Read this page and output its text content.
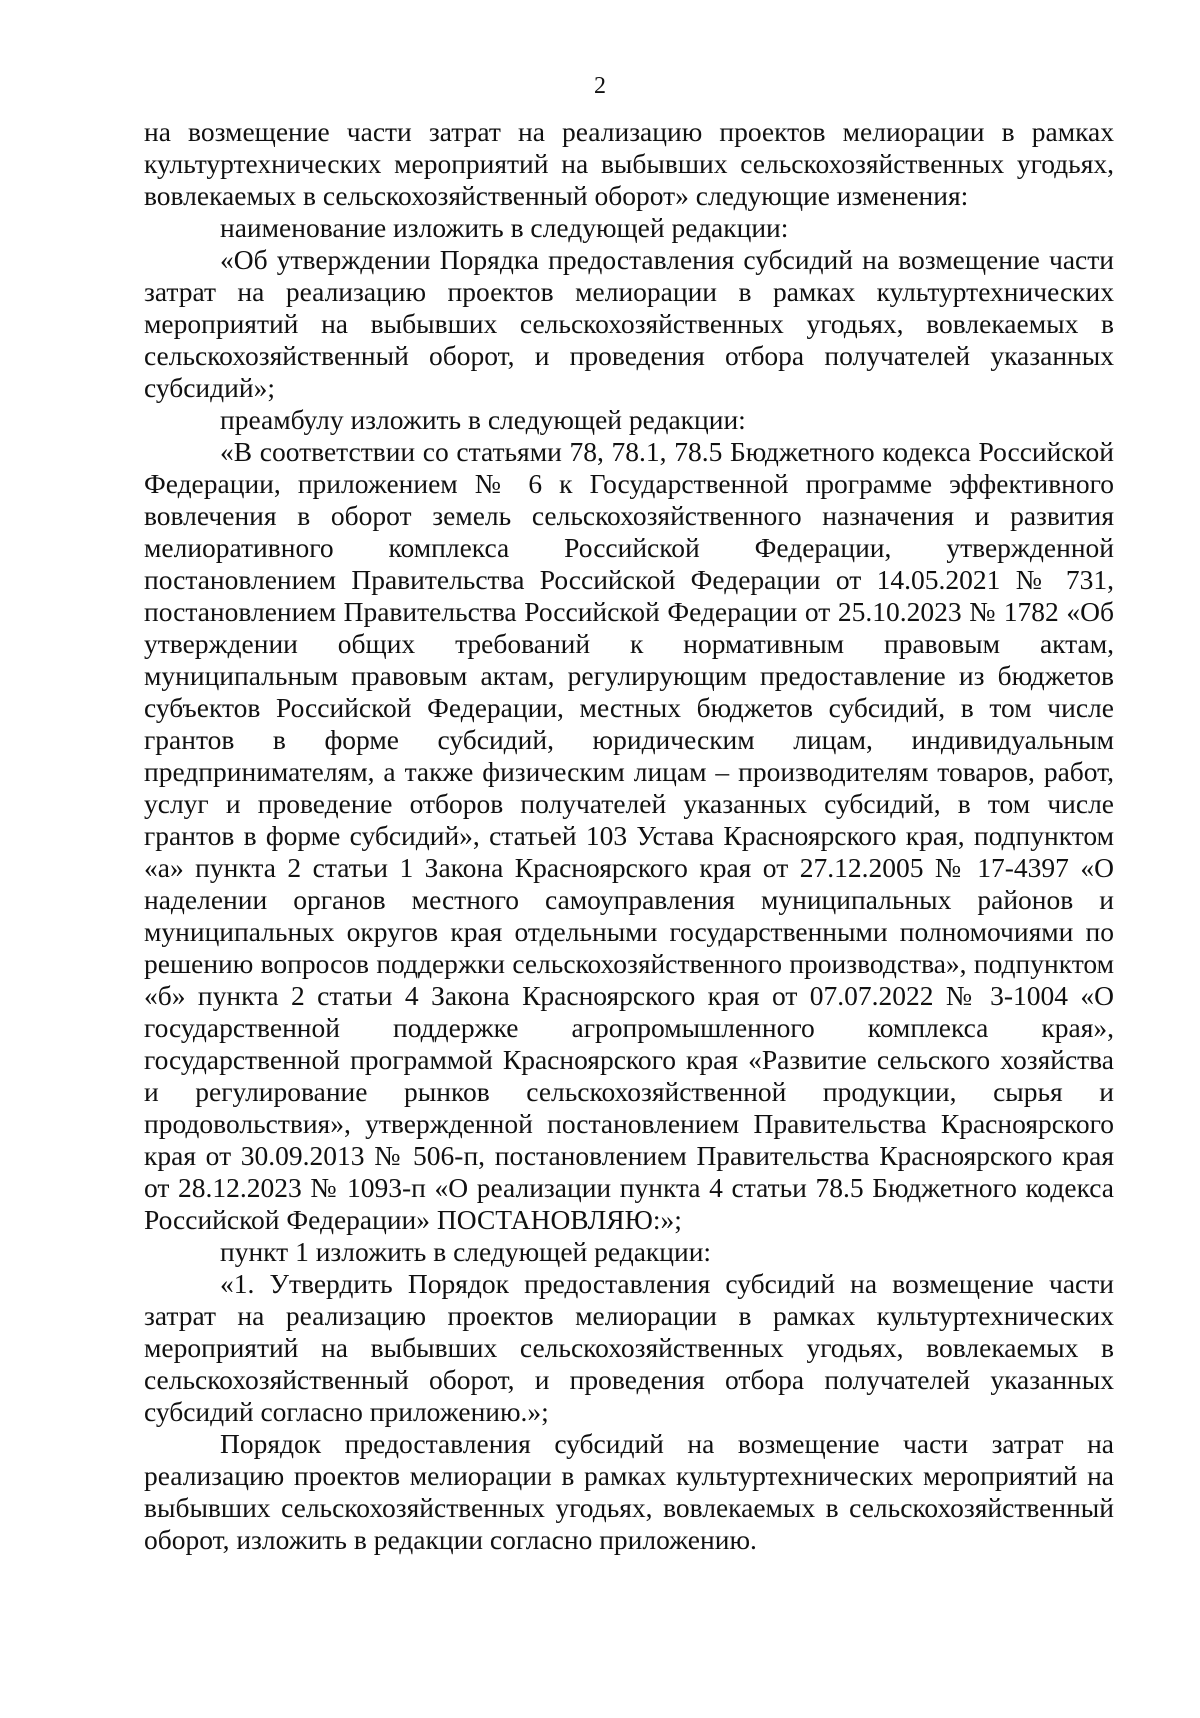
2

на возмещение части затрат на реализацию проектов мелиорации в рамках культуртехнических мероприятий на выбывших сельскохозяйственных угодьях, вовлекаемых в сельскохозяйственный оборот» следующие изменения:

наименование изложить в следующей редакции:

«Об утверждении Порядка предоставления субсидий на возмещение части затрат на реализацию проектов мелиорации в рамках культуртехнических мероприятий на выбывших сельскохозяйственных угодьях, вовлекаемых в сельскохозяйственный оборот, и проведения отбора получателей указанных субсидий»;

преамбулу изложить в следующей редакции:

«В соответствии со статьями 78, 78.1, 78.5 Бюджетного кодекса Российской Федерации, приложением № 6 к Государственной программе эффективного вовлечения в оборот земель сельскохозяйственного назначения и развития мелиоративного комплекса Российской Федерации, утвержденной постановлением Правительства Российской Федерации от 14.05.2021 № 731, постановлением Правительства Российской Федерации от 25.10.2023 № 1782 «Об утверждении общих требований к нормативным правовым актам, муниципальным правовым актам, регулирующим предоставление из бюджетов субъектов Российской Федерации, местных бюджетов субсидий, в том числе грантов в форме субсидий, юридическим лицам, индивидуальным предпринимателям, а также физическим лицам – производителям товаров, работ, услуг и проведение отборов получателей указанных субсидий, в том числе грантов в форме субсидий», статьей 103 Устава Красноярского края, подпунктом «а» пункта 2 статьи 1 Закона Красноярского края от 27.12.2005 № 17-4397 «О наделении органов местного самоуправления муниципальных районов и муниципальных округов края отдельными государственными полномочиями по решению вопросов поддержки сельскохозяйственного производства», подпунктом «б» пункта 2 статьи 4 Закона Красноярского края от 07.07.2022 № 3-1004 «О государственной поддержке агропромышленного комплекса края», государственной программой Красноярского края «Развитие сельского хозяйства и регулирование рынков сельскохозяйственной продукции, сырья и продовольствия», утвержденной постановлением Правительства Красноярского края от 30.09.2013 № 506-п, постановлением Правительства Красноярского края от 28.12.2023 № 1093-п «О реализации пункта 4 статьи 78.5 Бюджетного кодекса Российской Федерации» ПОСТАНОВЛЯЮ:»;

пункт 1 изложить в следующей редакции:

«1. Утвердить Порядок предоставления субсидий на возмещение части затрат на реализацию проектов мелиорации в рамках культуртехнических мероприятий на выбывших сельскохозяйственных угодьях, вовлекаемых в сельскохозяйственный оборот, и проведения отбора получателей указанных субсидий согласно приложению.»;

Порядок предоставления субсидий на возмещение части затрат на реализацию проектов мелиорации в рамках культуртехнических мероприятий на выбывших сельскохозяйственных угодьях, вовлекаемых в сельскохозяйственный оборот, изложить в редакции согласно приложению.
